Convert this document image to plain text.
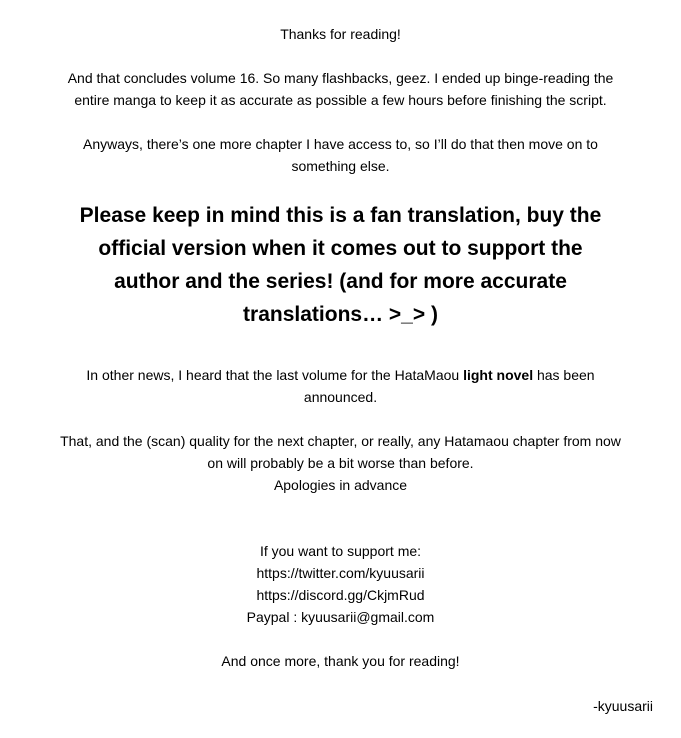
Thanks for reading!
And that concludes volume 16. So many flashbacks, geez. I ended up binge-reading the
entire manga to keep it as accurate as possible a few hours before finishing the script.
Anyways, there’s one more chapter I have access to, so I’ll do that then move on to
something else.
Please keep in mind this is a fan translation, buy the
official version when it comes out to support the
author and the series! (and for more accurate
translations… >_> )
In other news, I heard that the last volume for the HataMaou light novel has been
announced.
That, and the (scan) quality for the next chapter, or really, any Hatamaou chapter from now
on will probably be a bit worse than before.
Apologies in advance
If you want to support me:
https://twitter.com/kyuusarii
https://discord.gg/CkjmRud
Paypal : kyuusarii@gmail.com
And once more, thank you for reading!
-kyuusarii
